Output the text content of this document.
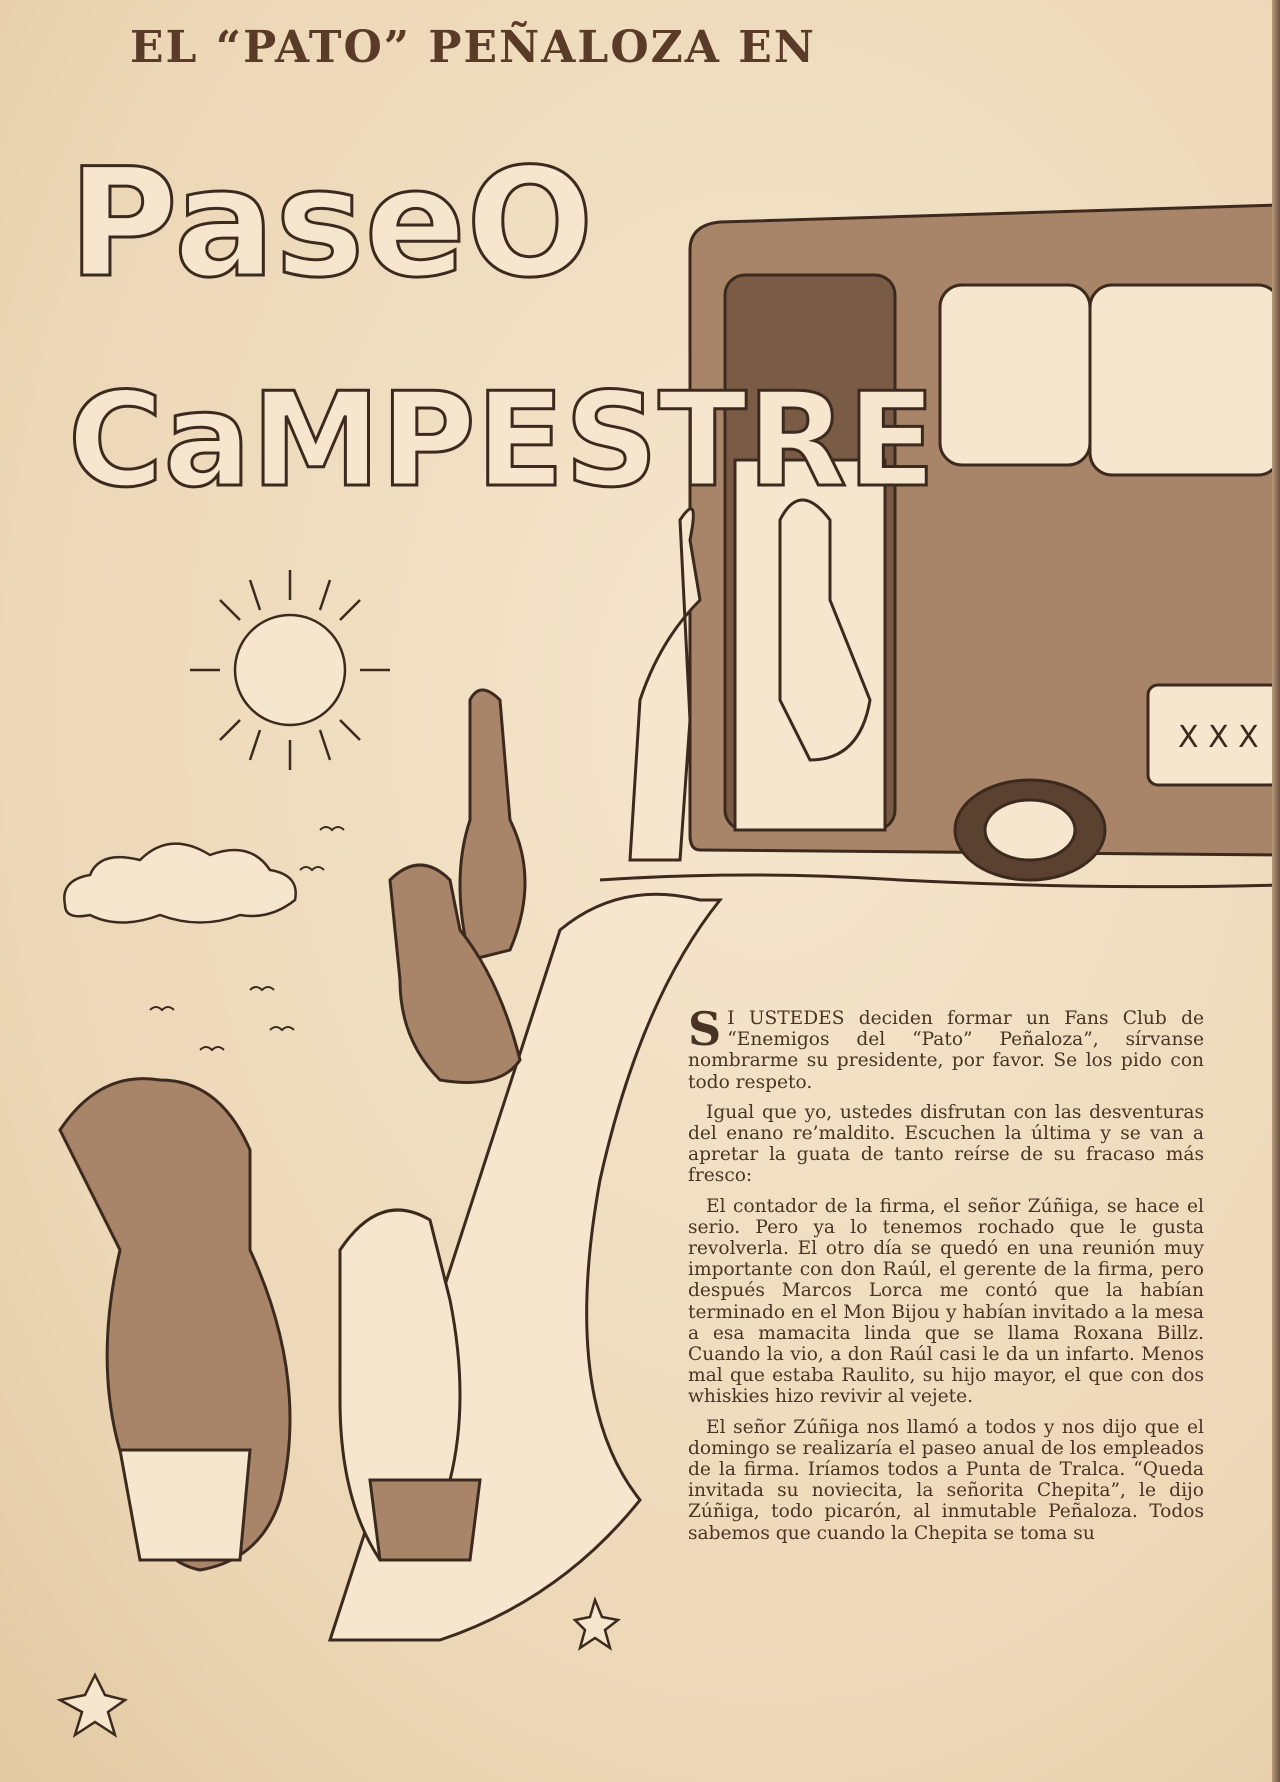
EL “PATO” PEÑALOZA EN
X X X
PaseO
CaMPESTRE

S I USTEDES deciden formar un Fans Club de “Enemigos del “Pato” Peñaloza”, sírvanse nombrarme su presidente, por favor. Se los pido con todo respeto.

Igual que yo, ustedes disfrutan con las desventuras del enano re’maldito. Escuchen la última y se van a apretar la guata de tanto reírse de su fracaso más fresco:

El contador de la firma, el señor Zúñiga, se hace el serio. Pero ya lo tenemos rochado que le gusta revolverla. El otro día se quedó en una reunión muy importante con don Raúl, el gerente de la firma, pero después Marcos Lorca me contó que la habían terminado en el Mon Bijou y habían invitado a la mesa a esa mamacita linda que se llama Roxana Billz. Cuando la vio, a don Raúl casi le da un infarto. Menos mal que estaba Raulito, su hijo mayor, el que con dos whiskies hizo revivir al vejete.

El señor Zúñiga nos llamó a todos y nos dijo que el domingo se realizaría el paseo anual de los empleados de la firma. Iríamos todos a Punta de Tralca. “Queda invitada su noviecita, la señorita Chepita”, le dijo Zúñiga, todo picarón, al inmutable Peñaloza. Todos sabemos que cuando la Chepita se toma su
